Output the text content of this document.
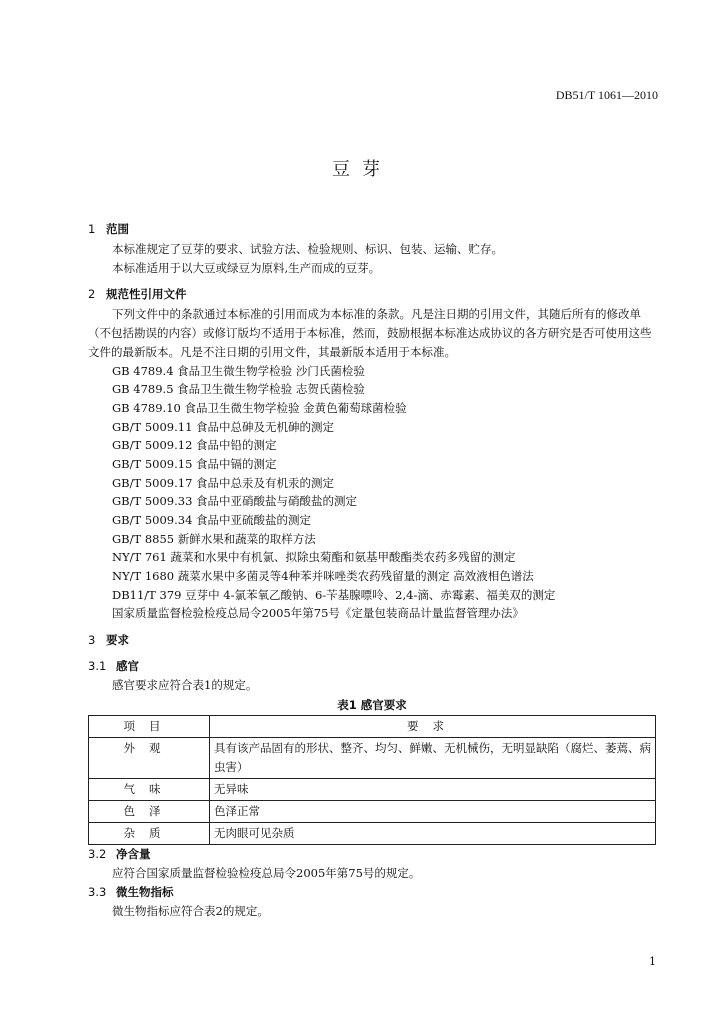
DB51/T 1061—2010
豆芽
1 范围

本标准规定了豆芽的要求、试验方法、检验规则、标识、包装、运输、贮存。

本标准适用于以大豆或绿豆为原料,生产而成的豆芽。

2 规范性引用文件

下列文件中的条款通过本标准的引用而成为本标准的条款。凡是注日期的引用文件，其随后所有的修改单（不包括勘误的内容）或修订版均不适用于本标准，然而，鼓励根据本标准达成协议的各方研究是否可使用这些文件的最新版本。凡是不注日期的引用文件，其最新版本适用于本标准。

GB 4789.4 食品卫生微生物学检验 沙门氏菌检验
GB 4789.5 食品卫生微生物学检验 志贺氏菌检验
GB 4789.10 食品卫生微生物学检验 金黄色葡萄球菌检验
GB/T 5009.11 食品中总砷及无机砷的测定
GB/T 5009.12 食品中铅的测定
GB/T 5009.15 食品中镉的测定
GB/T 5009.17 食品中总汞及有机汞的测定
GB/T 5009.33 食品中亚硝酸盐与硝酸盐的测定
GB/T 5009.34 食品中亚硫酸盐的测定
GB/T 8855 新鲜水果和蔬菜的取样方法
NY/T 761 蔬菜和水果中有机氯、拟除虫菊酯和氨基甲酸酯类农药多残留的测定
NY/T 1680 蔬菜水果中多菌灵等4种苯并咪唑类农药残留量的测定 高效液相色谱法
DB11/T 379 豆芽中 4-氯苯氧乙酸钠、6-苄基腺嘌呤、2,4-滴、赤霉素、福美双的测定
国家质量监督检验检疫总局令2005年第75号《定量包装商品计量监督管理办法》
3 要求
3.1 感官

感官要求应符合表1的规定。

表1 感官要求
项目	要求
外观	具有该产品固有的形状、整齐、均匀、鲜嫩、无机械伤，无明显缺陷（腐烂、萎蔫、病虫害）
气味	无异味
色泽	色泽正常
杂质	无肉眼可见杂质
3.2 净含量

应符合国家质量监督检验检疫总局令2005年第75号的规定。

3.3 微生物指标

微生物指标应符合表2的规定。

1
